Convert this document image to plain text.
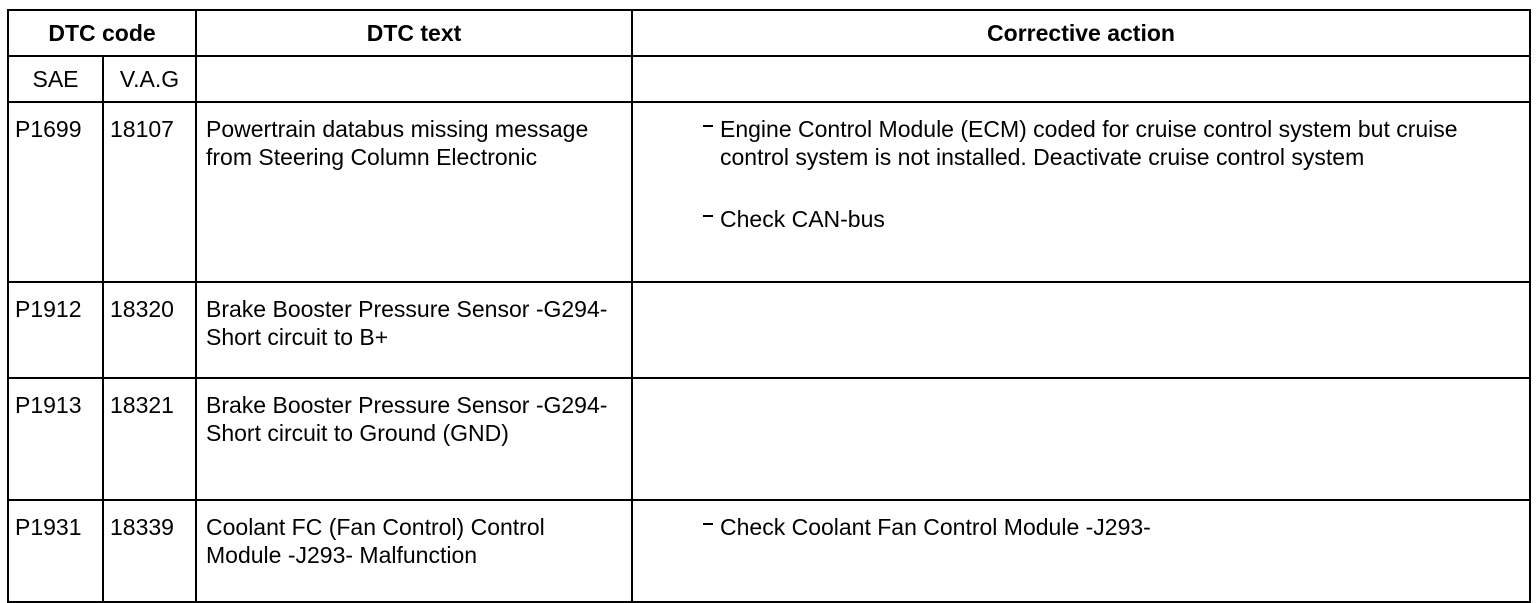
DTC code		DTC text	Corrective action
SAE	V.A.G		
P1699	18107	Powertrain databus missing message from Steering Column Electronic	Engine Control Module (ECM) coded for cruise control system but cruise control system is not installed. Deactivate cruise control system
Check CAN-bus

P1912	18320	Brake Booster Pressure Sensor -G294- Short circuit to B+	
P1913	18321	Brake Booster Pressure Sensor -G294- Short circuit to Ground (GND)	
P1931	18339	Coolant FC (Fan Control) Control Module -J293- Malfunction	Check Coolant Fan Control Module -J293-
